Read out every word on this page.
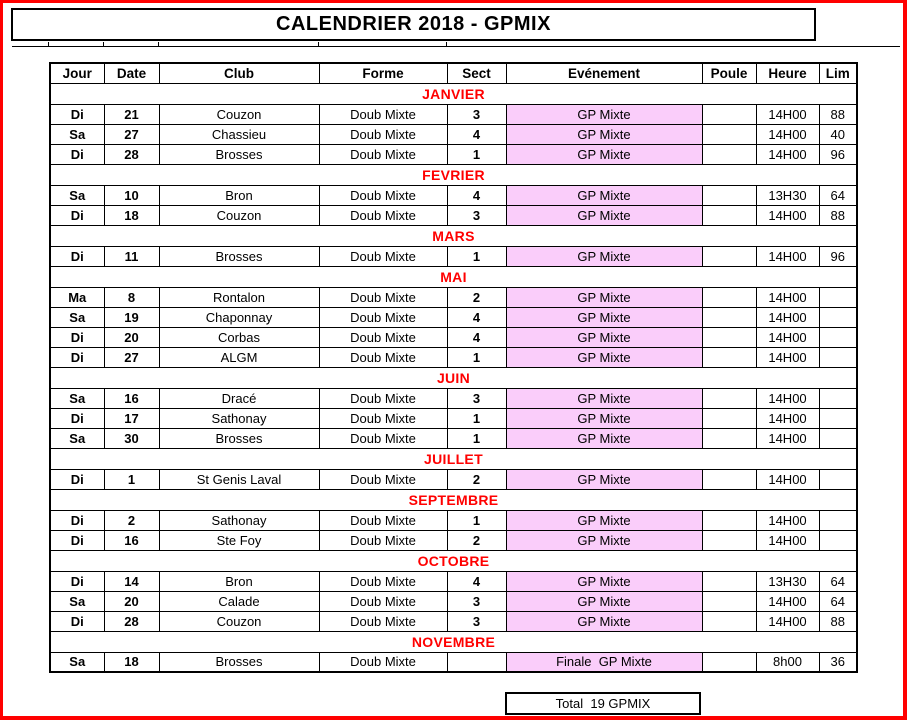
CALENDRIER 2018 - GPMIX
Jour	Date	Club	Forme	Sect	Evénement	Poule	Heure	Lim
JANVIER								
Di	21	Couzon	Doub Mixte	3	GP Mixte		14H00	88
Sa	27	Chassieu	Doub Mixte	4	GP Mixte		14H00	40
Di	28	Brosses	Doub Mixte	1	GP Mixte		14H00	96
FEVRIER								
Sa	10	Bron	Doub Mixte	4	GP Mixte		13H30	64
Di	18	Couzon	Doub Mixte	3	GP Mixte		14H00	88
MARS								
Di	11	Brosses	Doub Mixte	1	GP Mixte		14H00	96
MAI								
Ma	8	Rontalon	Doub Mixte	2	GP Mixte		14H00	
Sa	19	Chaponnay	Doub Mixte	4	GP Mixte		14H00	
Di	20	Corbas	Doub Mixte	4	GP Mixte		14H00	
Di	27	ALGM	Doub Mixte	1	GP Mixte		14H00	
JUIN								
Sa	16	Dracé	Doub Mixte	3	GP Mixte		14H00	
Di	17	Sathonay	Doub Mixte	1	GP Mixte		14H00	
Sa	30	Brosses	Doub Mixte	1	GP Mixte		14H00	
JUILLET								
Di	1	St Genis Laval	Doub Mixte	2	GP Mixte		14H00	
SEPTEMBRE								
Di	2	Sathonay	Doub Mixte	1	GP Mixte		14H00	
Di	16	Ste Foy	Doub Mixte	2	GP Mixte		14H00	
OCTOBRE								
Di	14	Bron	Doub Mixte	4	GP Mixte		13H30	64
Sa	20	Calade	Doub Mixte	3	GP Mixte		14H00	64
Di	28	Couzon	Doub Mixte	3	GP Mixte		14H00	88
NOVEMBRE								
Sa	18	Brosses	Doub Mixte		Finale  GP Mixte		8h00	36
Total  19 GPMIX
